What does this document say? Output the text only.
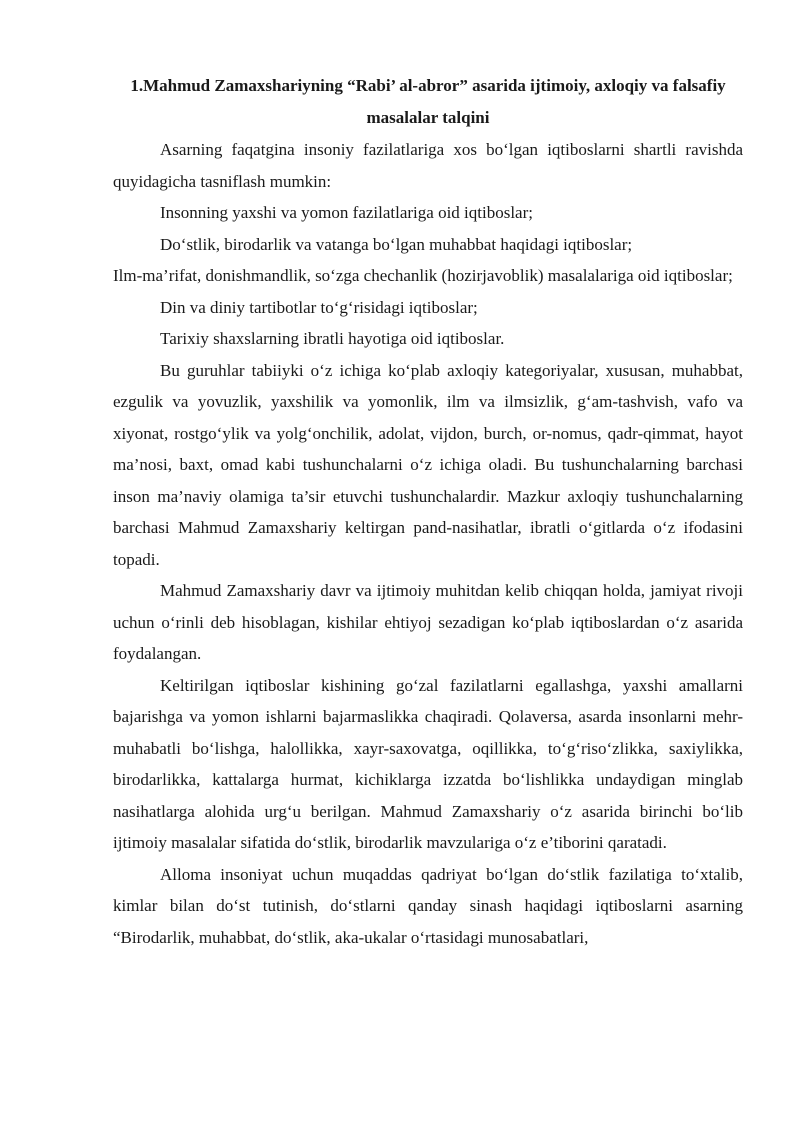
1.Mahmud Zamaxshariyning “Rabi’ al-abror” asarida ijtimoiy, axloqiy va falsafiy masalalar talqini

Asarning faqatgina insoniy fazilatlariga xos bo‘lgan iqtiboslarni shartli ravishda quyidagicha tasniflash mumkin:

Insonning yaxshi va yomon fazilatlariga oid iqtiboslar;

Do‘stlik, birodarlik va vatanga bo‘lgan muhabbat haqidagi iqtiboslar;

Ilm-ma’rifat, donishmandlik, so‘zga chechanlik (hozirjavoblik) masalalariga oid iqtiboslar;

Din va diniy tartibotlar to‘g‘risidagi iqtiboslar;

Tarixiy shaxslarning ibratli hayotiga oid iqtiboslar.

Bu guruhlar tabiiyki o‘z ichiga ko‘plab axloqiy kategoriyalar, xususan, muhabbat, ezgulik va yovuzlik, yaxshilik va yomonlik, ilm va ilmsizlik, g‘am-tashvish, vafo va xiyonat, rostgo‘ylik va yolg‘onchilik, adolat, vijdon, burch, or-nomus, qadr-qimmat, hayot ma’nosi, baxt, omad kabi tushunchalarni o‘z ichiga oladi. Bu tushunchalarning barchasi inson ma’naviy olamiga ta’sir etuvchi tushunchalardir. Mazkur axloqiy tushunchalarning barchasi Mahmud Zamaxshariy keltirgan pand-nasihatlar, ibratli o‘gitlarda o‘z ifodasini topadi.

Mahmud Zamaxshariy davr va ijtimoiy muhitdan kelib chiqqan holda, jamiyat rivoji uchun o‘rinli deb hisoblagan, kishilar ehtiyoj sezadigan ko‘plab iqtiboslardan o‘z asarida foydalangan.

Keltirilgan iqtiboslar kishining go‘zal fazilatlarni egallashga, yaxshi amallarni bajarishga va yomon ishlarni bajarmaslikka chaqiradi. Qolaversa, asarda insonlarni mehr-muhabatli bo‘lishga, halollikka, xayr-saxovatga, oqillikka, to‘g‘riso‘zlikka, saxiylikka, birodarlikka, kattalarga hurmat, kichiklarga izzatda bo‘lishlikka undaydigan minglab nasihatlarga alohida urg‘u berilgan. Mahmud Zamaxshariy o‘z asarida birinchi bo‘lib ijtimoiy masalalar sifatida do‘stlik, birodarlik mavzulariga o‘z e’tiborini qaratadi.

Alloma insoniyat uchun muqaddas qadriyat bo‘lgan do‘stlik fazilatiga to‘xtalib, kimlar bilan do‘st tutinish, do‘stlarni qanday sinash haqidagi iqtiboslarni asarning “Birodarlik, muhabbat, do‘stlik, aka-ukalar o‘rtasidagi munosabatlari,
